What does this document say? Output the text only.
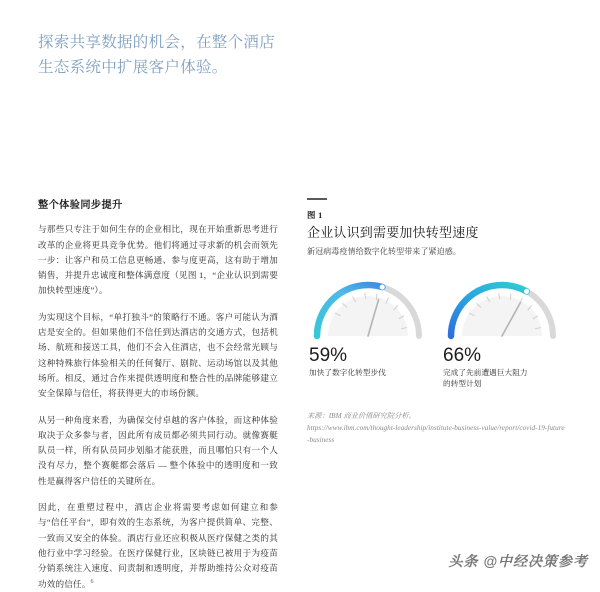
探索共享数据的机会，在整个酒店
生态系统中扩展客户体验。
整个体验同步提升

与那些只专注于如何生存的企业相比，现在开始重新思考进行改革的企业将更具竞争优势。他们将通过寻求新的机会而领先一步：让客户和员工信息更畅通、参与度更高，这有助于增加销售，并提升忠诚度和整体满意度（见图 1，“企业认识到需要加快转型速度”）。

为实现这个目标，“单打独斗”的策略行不通。客户可能认为酒店是安全的。但如果他们不信任到达酒店的交通方式，包括机场、航班和接送工具，他们不会入住酒店，也不会经常光顾与这种特殊旅行体验相关的任何餐厅、剧院、运动场馆以及其他场所。相反，通过合作来提供透明度和整合性的品牌能够建立安全保障与信任，将获得更大的市场份额。

从另一种角度来看，为确保交付卓越的客户体验，而这种体验取决于众多参与者，因此所有成员都必须共同行动。就像赛艇队员一样，所有队员同步划船才能获胜，而且哪怕只有一个人没有尽力，整个赛艇都会落后 — 整个体验中的透明度和一致性是赢得客户信任的关键所在。

因此，在重塑过程中，酒店企业将需要考虑如何建立和参与“信任平台”，即有效的生态系统，为客户提供简单、完整、一致而又安全的体验。酒店行业还应积极从医疗保健之类的其他行业中学习经验。在医疗保健行业，区块链已被用于为疫苗分销系统注入速度、问责制和透明度，并帮助维持公众对疫苗功效的信任。$^6$

图 1
企业认识到需要加快转型速度
新冠病毒疫情给数字化转型带来了紧迫感。
59%
加快了数字化转型步伐
66%
完成了先前遭遇巨大阻力
的转型计划
来源：IBM 商业价值研究院分析。
https://www.ibm.com/thought-leadership/institute-business-value/report/covid-19-future-business
头条 @中经决策参考
